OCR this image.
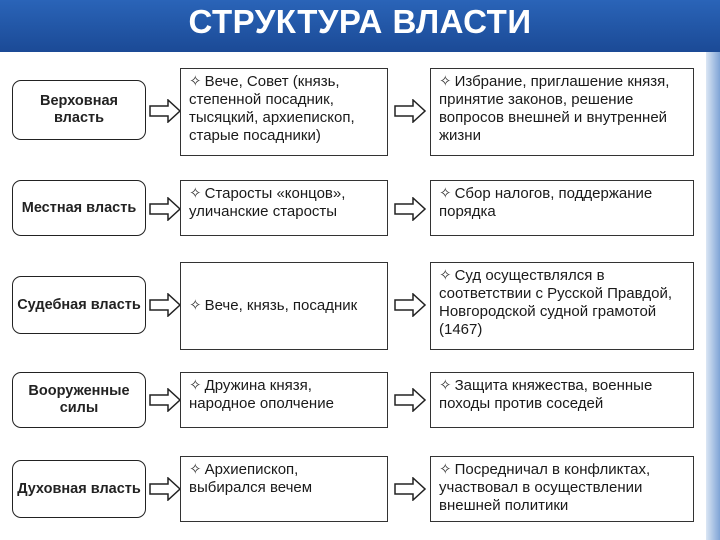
СТРУКТУРА ВЛАСТИ
Верховная власть
✧ Вече, Совет (князь, степенной посадник, тысяцкий, архиепископ, старые посадники)
✧ Избрание, приглашение князя, принятие законов, решение вопросов внешней и внутренней жизни
Местная власть
✧ Старосты «концов», уличанские старосты
✧ Сбор налогов, поддержание порядка
Судебная власть	✧ Вече, князь, посадник
✧ Суд осуществлялся в соответствии с Русской Правдой, Новгородской судной грамотой (1467)
Вооруженные силы
✧ Дружина князя, народное ополчение
✧ Защита княжества, военные походы против соседей
Духовная власть
✧ Архиепископ, выбирался вечем
✧ Посредничал в конфликтах, участвовал в осуществлении внешней политики
